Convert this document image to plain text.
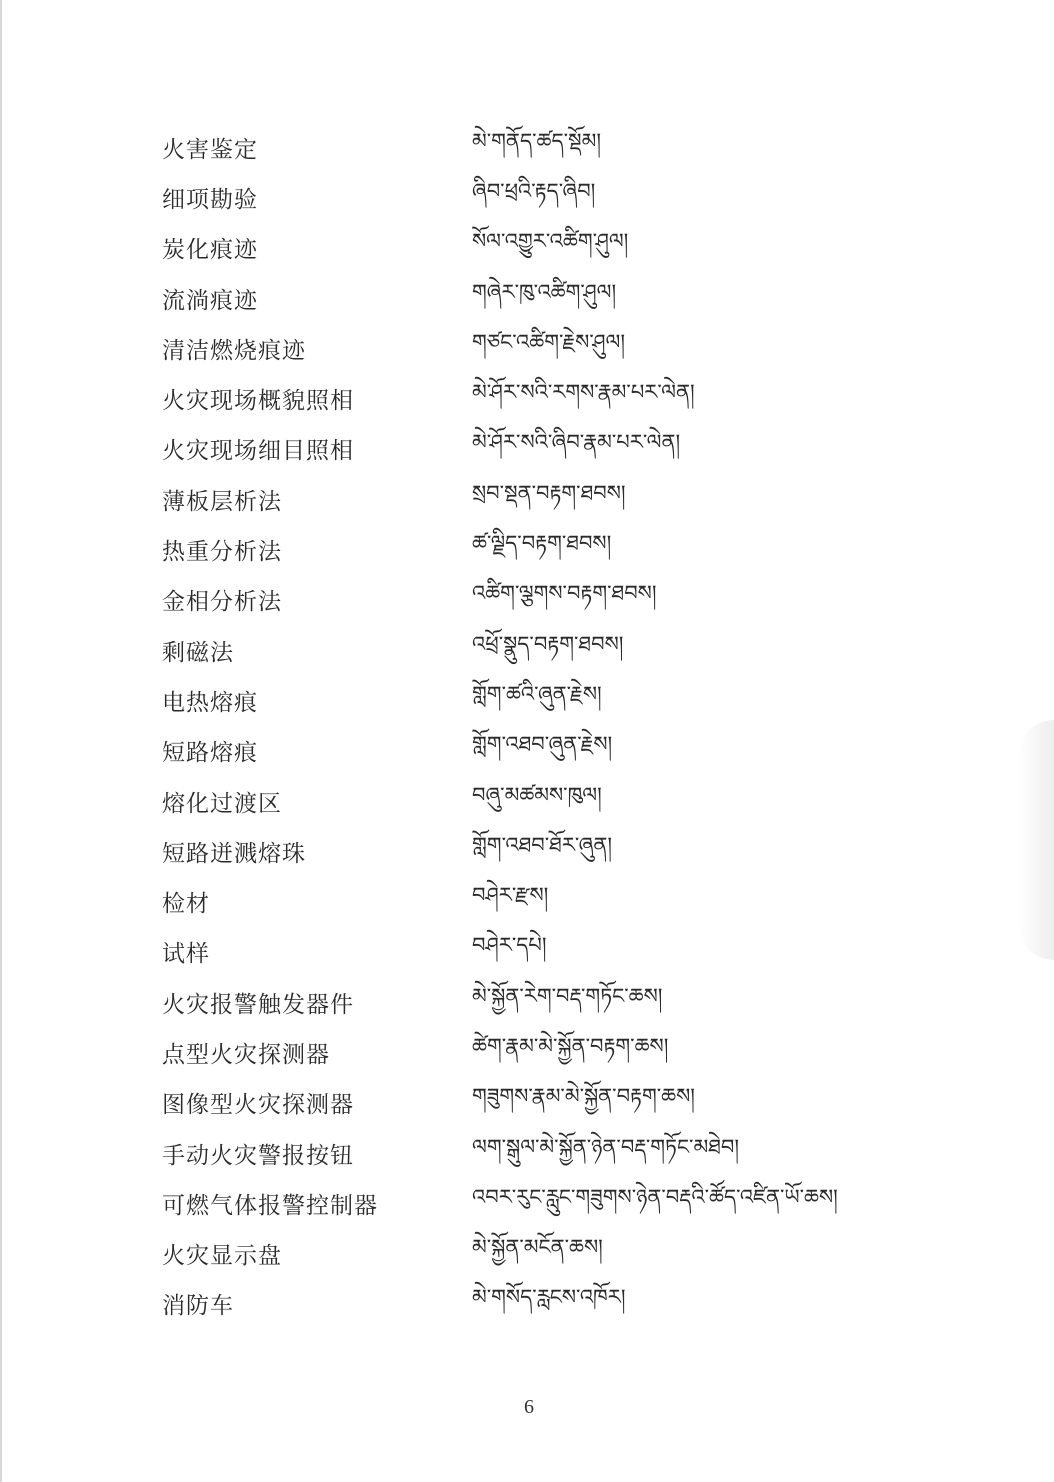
火害鉴定	མེ་གནོད་ཚད་སྡོམ།
细项勘验	ཞིབ་ཕྲའི་རྟད་ཞིབ།
炭化痕迹	སོལ་འགྱུར་འཚིག་ཤུལ།
流淌痕迹	གཞེར་ཁུ་འཚིག་ཤུལ།
清洁燃烧痕迹	གཙང་འཚིག་རྗེས་ཤུལ།
火灾现场概貌照相	མེ་ཤོར་སའི་རགས་རྣམ་པར་ལེན།
火灾现场细目照相	མེ་ཤོར་སའི་ཞིབ་རྣམ་པར་ལེན།
薄板层析法	སྲབ་སྡན་བརྟག་ཐབས།
热重分析法	ཚ་ལྗིད་བརྟག་ཐབས།
金相分析法	འཚིག་ལྕགས་བརྟག་ཐབས།
剩磁法	འཕྲོ་སྣུད་བརྟག་ཐབས།
电热熔痕	གློག་ཚའི་ཞུན་རྗེས།
短路熔痕	གློག་འཐབ་ཞུན་རྗེས།
熔化过渡区	བཞུ་མཚམས་ཁུལ།
短路迸溅熔珠	གློག་འཐབ་ཐོར་ཞུན།
检材	བཤེར་རྫས།
试样	བཤེར་དཔེ།
火灾报警触发器件	མེ་སྐྱོན་རེག་བརྡ་གཏོང་ཆས།
点型火灾探测器	ཚེག་རྣམ་མེ་སྐྱོན་བརྟག་ཆས།
图像型火灾探测器	གཟུགས་རྣམ་མེ་སྐྱོན་བརྟག་ཆས།
手动火灾警报按钮	ལག་སྒུལ་མེ་སྐྱོན་ཉེན་བརྡ་གཏོང་མཐེབ།
可燃气体报警控制器	འབར་རུང་རླུང་གཟུགས་ཉེན་བརྡའི་ཚོད་འཛིན་ཡོ་ཆས།
火灾显示盘	མེ་སྐྱོན་མངོན་ཆས།
消防车	མེ་གསོད་རླངས་འཁོར།
6
